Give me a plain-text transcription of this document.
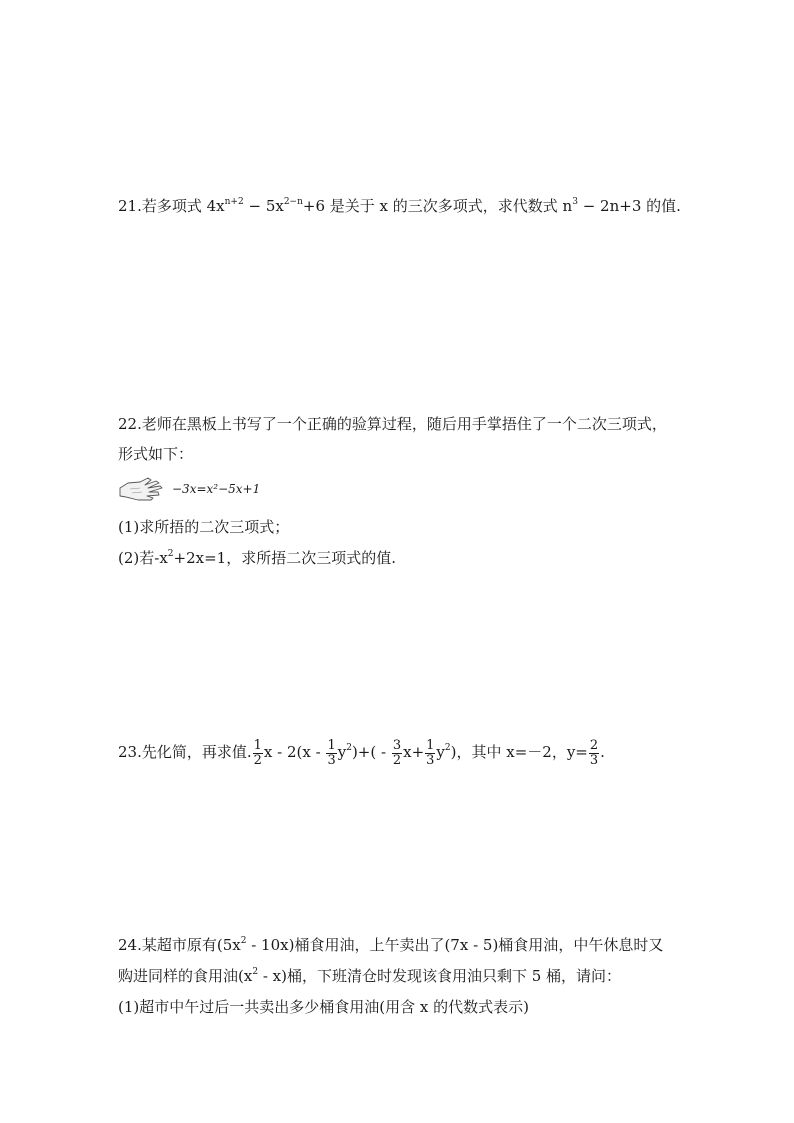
21.若多项式 $4x^{n+2} - 5x^{2-n}+6$ 是关于 x 的三次多项式，求代数式 $n^3 - 2n+3$ 的值.
22.老师在黑板上书写了一个正确的验算过程，随后用手掌捂住了一个二次三项式，
形式如下：
−3x=x²−5x+1
(1)求所捂的二次三项式；
(2)若$-x^2+2x=1$，求所捂二次三项式的值.
23.先化简，再求值. $\frac{1}{2}$ $x - 2(x - \frac{1}{3} y^2)+( - \frac{3}{2} x+ \frac{1}{3} y^2)$，其中 x=－2，$y= \frac{2}{3}$ .
24.某超市原有$(5x^2 - 10x)$桶食用油，上午卖出了(7x - 5)桶食用油，中午休息时又
购进同样的食用油$(x^2 - x)$桶，下班清仓时发现该食用油只剩下 5 桶，请问：
(1)超市中午过后一共卖出多少桶食用油(用含 x 的代数式表示)
